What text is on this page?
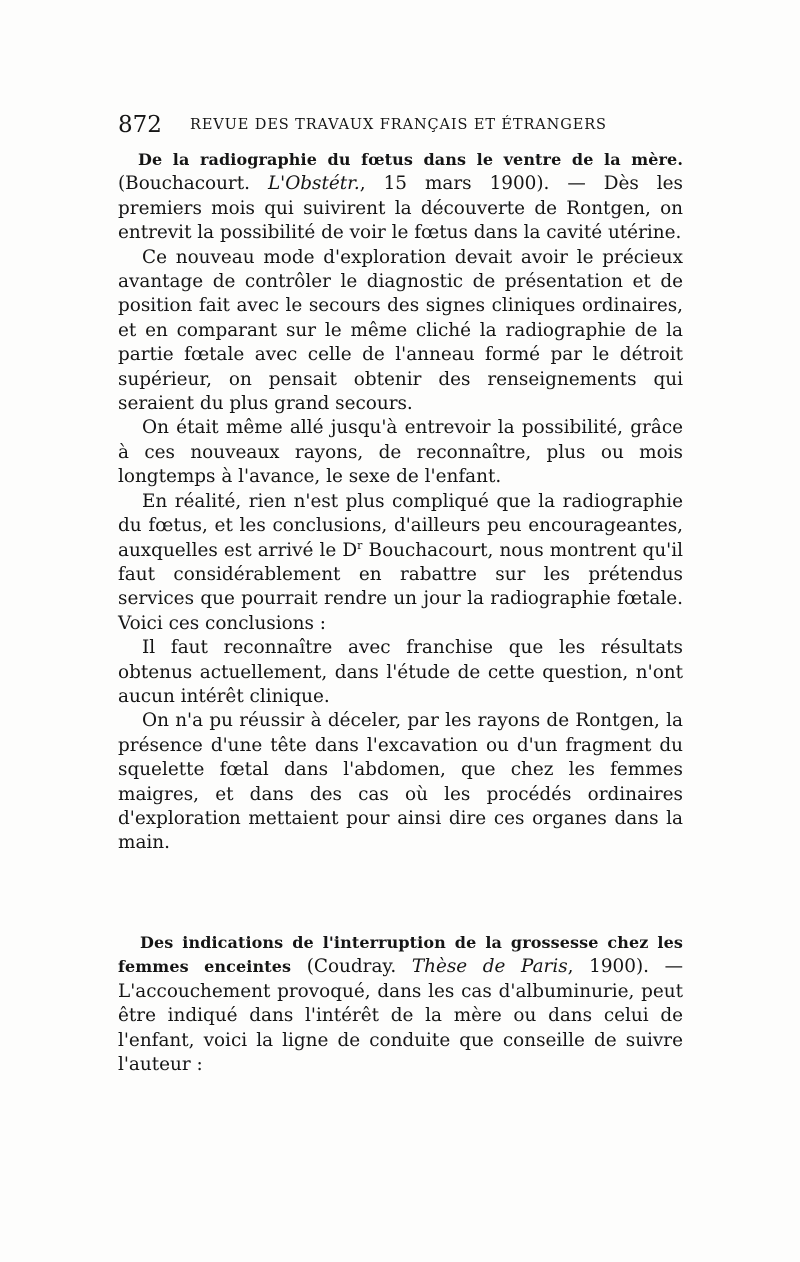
872 REVUE DES TRAVAUX FRANÇAIS ET ÉTRANGERS

De la radiographie du fœtus dans le ventre de la mère. (Bouchacourt. L'Obstétr., 15 mars 1900). — Dès les premiers mois qui suivirent la découverte de Rontgen, on entrevit la possibilité de voir le fœtus dans la cavité utérine.

Ce nouveau mode d'exploration devait avoir le précieux avantage de contrôler le diagnostic de présentation et de position fait avec le secours des signes cliniques ordinaires, et en comparant sur le même cliché la radiographie de la partie fœtale avec celle de l'anneau formé par le détroit supérieur, on pensait obtenir des renseignements qui seraient du plus grand secours.

On était même allé jusqu'à entrevoir la possibilité, grâce à ces nouveaux rayons, de reconnaître, plus ou mois longtemps à l'avance, le sexe de l'enfant.

En réalité, rien n'est plus compliqué que la radiographie du fœtus, et les conclusions, d'ailleurs peu encourageantes, auxquelles est arrivé le $D^r$ Bouchacourt, nous montrent qu'il faut considérablement en rabattre sur les prétendus services que pourrait rendre un jour la radiographie fœtale. Voici ces conclusions :

Il faut reconnaître avec franchise que les résultats obtenus actuellement, dans l'étude de cette question, n'ont aucun intérêt clinique.

On n'a pu réussir à déceler, par les rayons de Rontgen, la présence d'une tête dans l'excavation ou d'un fragment du squelette fœtal dans l'abdomen, que chez les femmes maigres, et dans des cas où les procédés ordinaires d'exploration mettaient pour ainsi dire ces organes dans la main.

Des indications de l'interruption de la grossesse chez les femmes enceintes (Coudray. Thèse de Paris, 1900). — L'accouchement provoqué, dans les cas d'albuminurie, peut être indiqué dans l'intérêt de la mère ou dans celui de l'enfant, voici la ligne de conduite que conseille de suivre l'auteur :
